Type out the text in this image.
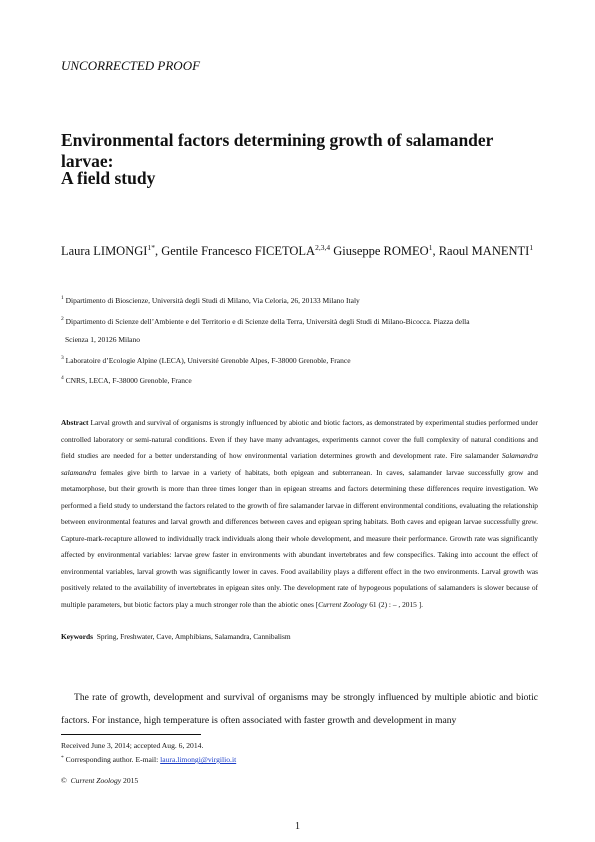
UNCORRECTED PROOF
Environmental factors determining growth of salamander larvae:
A field study
Laura $LIMONGI^{1*}$, Gentile Francesco FICETOLA$^{2,3,4}$ Giuseppe ROMEO$^1$, Raoul MANENTI$^1$
$^1$ Dipartimento di Bioscienze, Università degli Studi di Milano, Via Celoria, 26, 20133 Milano Italy
$^2$ Dipartimento di Scienze dell’Ambiente e del Territorio e di Scienze della Terra, Università degli Studi di Milano-Bicocca. Piazza della
Scienza 1, 20126 Milano
$^3$ Laboratoire d’Ecologie Alpine (LECA), Université Grenoble Alpes, F-38000 Grenoble, France
$^4$ CNRS, LECA, F-38000 Grenoble, France
Abstract Larval growth and survival of organisms is strongly influenced by abiotic and biotic factors, as demonstrated by experimental studies performed under controlled laboratory or semi-natural conditions. Even if they have many advantages, experiments cannot cover the full complexity of natural conditions and field studies are needed for a better understanding of how environmental variation determines growth and development rate. Fire salamander Salamandra salamandra females give birth to larvae in a variety of habitats, both epigean and subterranean. In caves, salamander larvae successfully grow and metamorphose, but their growth is more than three times longer than in epigean streams and factors determining these differences require investigation. We performed a field study to understand the factors related to the growth of fire salamander larvae in different environmental conditions, evaluating the relationship between environmental features and larval growth and differences between caves and epigean spring habitats. Both caves and epigean larvae successfully grew. Capture-mark-recapture allowed to individually track individuals along their whole development, and measure their performance. Growth rate was significantly affected by environmental variables: larvae grew faster in environments with abundant invertebrates and few conspecifics. Taking into account the effect of environmental variables, larval growth was significantly lower in caves. Food availability plays a different effect in the two environments. Larval growth was positively related to the availability of invertebrates in epigean sites only. The development rate of hypogeous populations of salamanders is slower because of multiple parameters, but biotic factors play a much stronger role than the abiotic ones [Current Zoology 61 (2) : – , 2015 ].
Keywords Spring, Freshwater, Cave, Amphibians, Salamandra, Cannibalism
The rate of growth, development and survival of organisms may be strongly influenced by multiple abiotic and biotic factors. For instance, high temperature is often associated with faster growth and development in many
Received June 3, 2014; accepted Aug. 6, 2014.
* Corresponding author. E-mail: laura.limongi@virgilio.it
© Current Zoology 2015
1
